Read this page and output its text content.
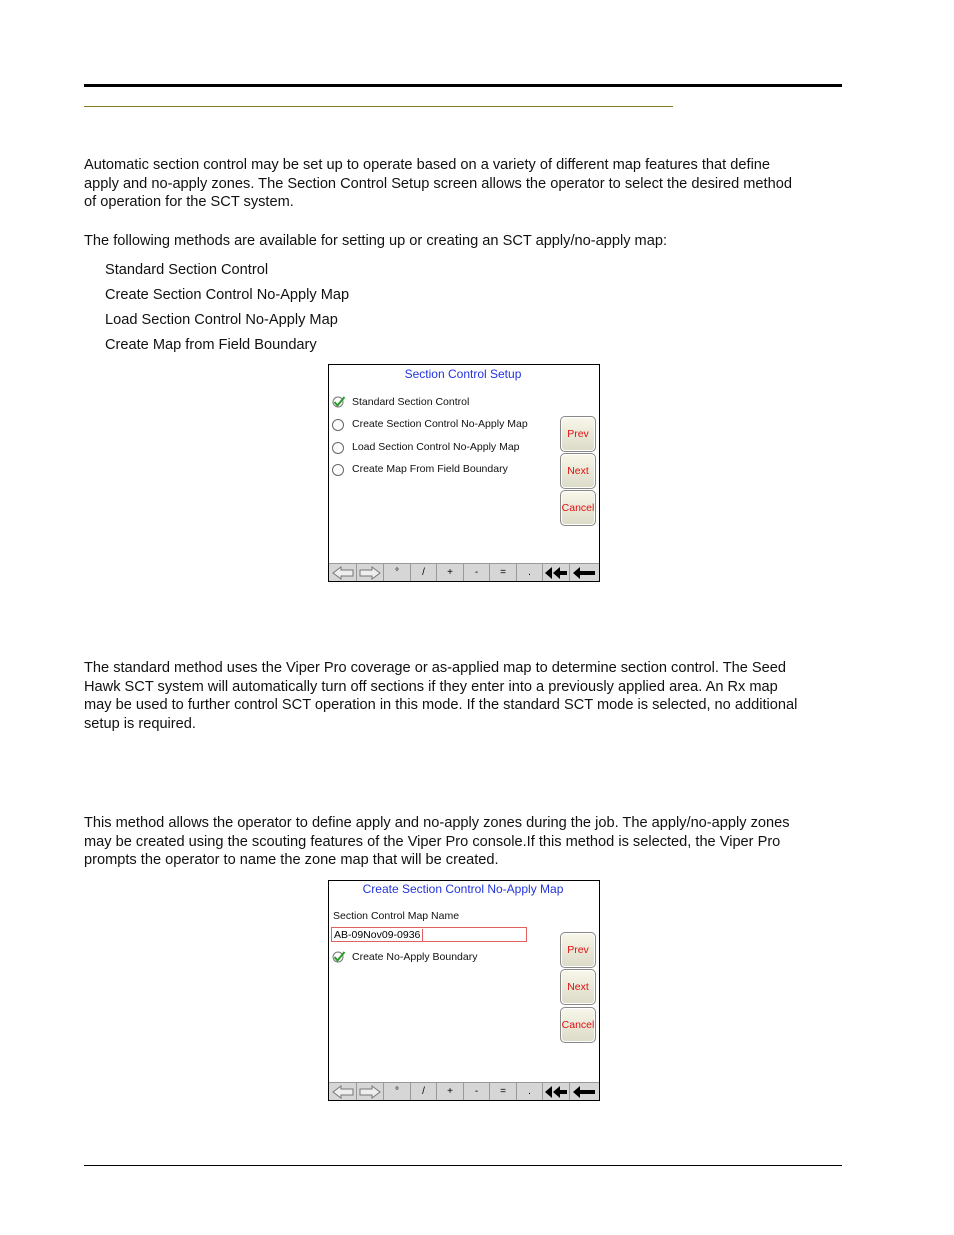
Automatic section control may be set up to operate based on a variety of different map features that define
apply and no-apply zones. The Section Control Setup screen allows the operator to select the desired method
of operation for the SCT system.

The following methods are available for setting up or creating an SCT apply/no-apply map:

Standard Section Control
Create Section Control No-Apply Map
Load Section Control No-Apply Map
Create Map from Field Boundary
Section Control Setup
Standard Section Control
Create Section Control No-Apply Map
Load Section Control No-Apply Map
Create Map From Field Boundary
Prev
Next
Cancel
°	/	+	-	=	.

The standard method uses the Viper Pro coverage or as-applied map to determine section control. The Seed
Hawk SCT system will automatically turn off sections if they enter into a previously applied area. An Rx map
may be used to further control SCT operation in this mode. If the standard SCT mode is selected, no additional
setup is required.

This method allows the operator to define apply and no-apply zones during the job. The apply/no-apply zones
may be created using the scouting features of the Viper Pro console.If this method is selected, the Viper Pro
prompts the operator to name the zone map that will be created.

Create Section Control No-Apply Map
Section Control Map Name
AB-09Nov09-0936
Create No-Apply Boundary
Prev
Next
Cancel
°	/	+	-	=	.
